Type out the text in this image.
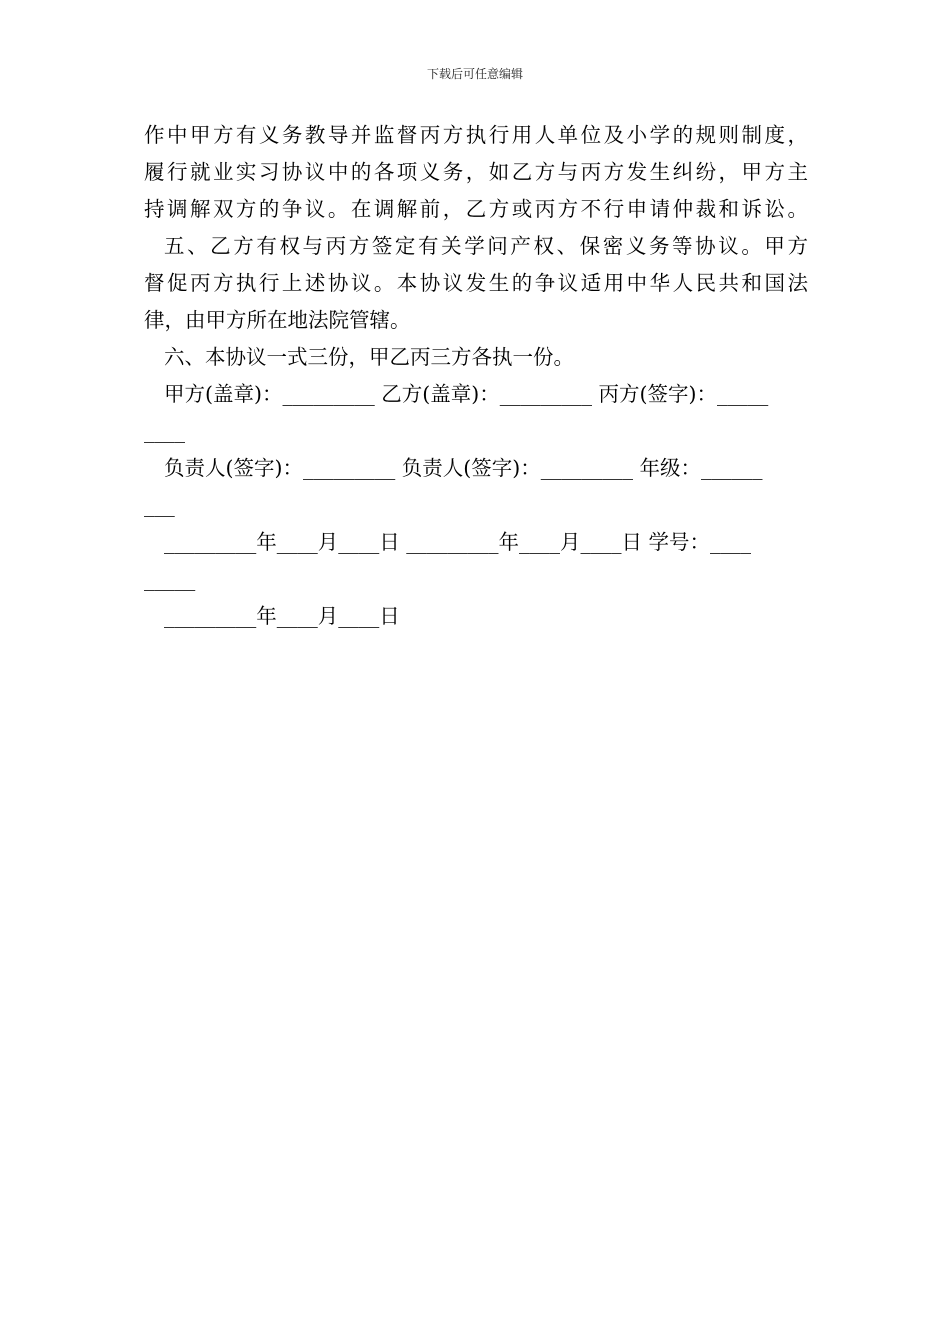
下载后可任意编辑
作中甲方有义务教导并监督丙方执行用人单位及小学的规则制度，
履行就业实习协议中的各项义务，如乙方与丙方发生纠纷，甲方主
持调解双方的争议。在调解前，乙方或丙方不行申请仲裁和诉讼。
五、乙方有权与丙方签定有关学问产权、保密义务等协议。甲方
督促丙方执行上述协议。本协议发生的争议适用中华人民共和国法
律，由甲方所在地法院管辖。
六、本协议一式三份，甲乙丙三方各执一份。
甲方(盖章)：_________ 乙方(盖章)：_________ 丙方(签字)：_____
____
负责人(签字)：_________ 负责人(签字)：_________ 年级：______
___
_________年____月____日 _________年____月____日 学号：____
_____
_________年____月____日
